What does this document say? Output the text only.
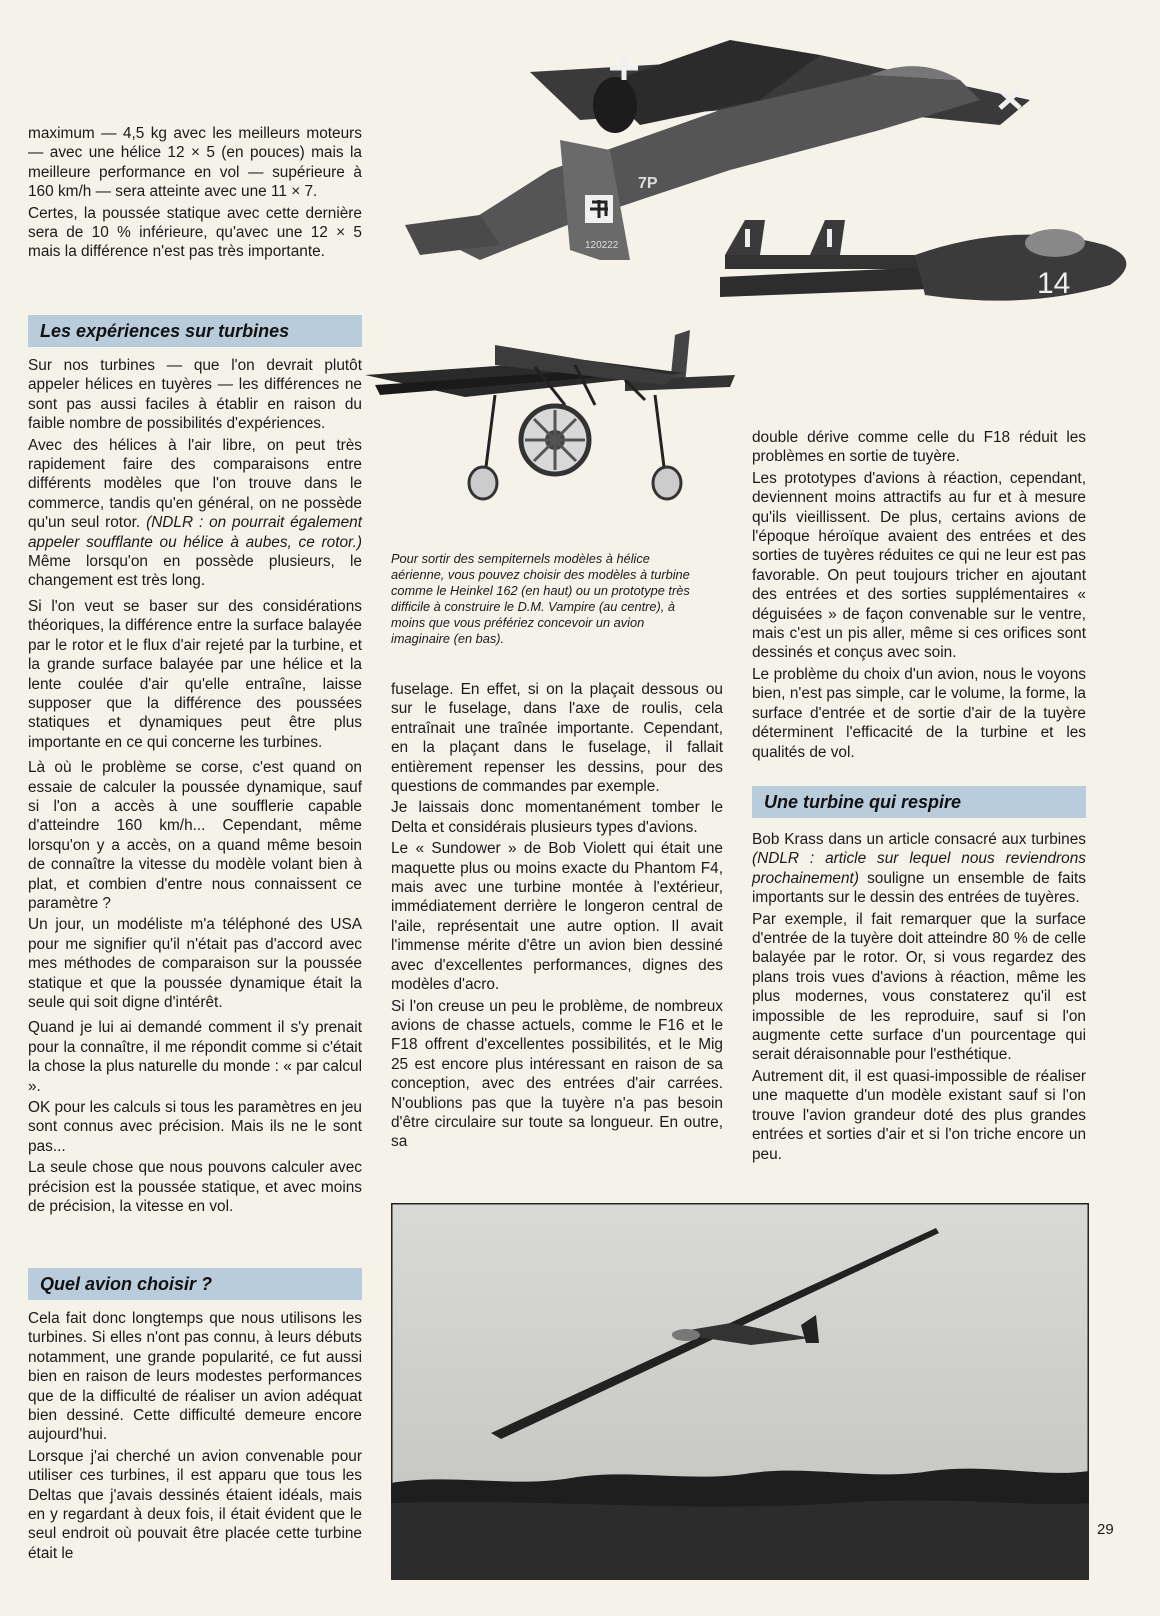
120222
7P
14

maximum — 4,5 kg avec les meilleurs moteurs — avec une hélice 12 × 5 (en pouces) mais la meilleure performance en vol — supérieure à 160 km/h — sera atteinte avec une 11 × 7.

Certes, la poussée statique avec cette dernière sera de 10 % inférieure, qu'avec une 12 × 5 mais la différence n'est pas très importante.

Les expériences sur turbines

Sur nos turbines — que l'on devrait plutôt appeler hélices en tuyères — les différences ne sont pas aussi faciles à établir en raison du faible nombre de possibilités d'expériences.

Avec des hélices à l'air libre, on peut très rapidement faire des comparaisons entre différents modèles que l'on trouve dans le commerce, tandis qu'en général, on ne possède qu'un seul rotor. (NDLR : on pourrait également appeler soufflante ou hélice à aubes, ce rotor.) Même lorsqu'on en possède plusieurs, le changement est très long.

Si l'on veut se baser sur des considérations théoriques, la différence entre la surface balayée par le rotor et le flux d'air rejeté par la turbine, et la grande surface balayée par une hélice et la lente coulée d'air qu'elle entraîne, laisse supposer que la différence des poussées statiques et dynamiques peut être plus importante en ce qui concerne les turbines.

Là où le problème se corse, c'est quand on essaie de calculer la poussée dynamique, sauf si l'on a accès à une soufflerie capable d'atteindre 160 km/h... Cependant, même lorsqu'on y a accès, on a quand même besoin de connaître la vitesse du modèle volant bien à plat, et combien d'entre nous connaissent ce paramètre ?

Un jour, un modéliste m'a téléphoné des USA pour me signifier qu'il n'était pas d'accord avec mes méthodes de comparaison sur la poussée statique et que la poussée dynamique était la seule qui soit digne d'intérêt.

Quand je lui ai demandé comment il s'y prenait pour la connaître, il me répondit comme si c'était la chose la plus naturelle du monde : « par calcul ».

OK pour les calculs si tous les paramètres en jeu sont connus avec précision. Mais ils ne le sont pas...

La seule chose que nous pouvons calculer avec précision est la poussée statique, et avec moins de précision, la vitesse en vol.

Quel avion choisir ?

Cela fait donc longtemps que nous utilisons les turbines. Si elles n'ont pas connu, à leurs débuts notamment, une grande popularité, ce fut aussi bien en raison de leurs modestes performances que de la difficulté de réaliser un avion adéquat bien dessiné. Cette difficulté demeure encore aujourd'hui.

Lorsque j'ai cherché un avion convenable pour utiliser ces turbines, il est apparu que tous les Deltas que j'avais dessinés étaient idéals, mais en y regardant à deux fois, il était évident que le seul endroit où pouvait être placée cette turbine était le

Pour sortir des sempiternels modèles à hélice aérienne, vous pouvez choisir des modèles à turbine comme le Heinkel 162 (en haut) ou un prototype très difficile à construire le D.M. Vampire (au centre), à moins que vous préfériez concevoir un avion imaginaire (en bas).

fuselage. En effet, si on la plaçait dessous ou sur le fuselage, dans l'axe de roulis, cela entraînait une traînée importante. Cependant, en la plaçant dans le fuselage, il fallait entièrement repenser les dessins, pour des questions de commandes par exemple.

Je laissais donc momentanément tomber le Delta et considérais plusieurs types d'avions.

Le « Sundower » de Bob Violett qui était une maquette plus ou moins exacte du Phantom F4, mais avec une turbine montée à l'extérieur, immédiatement derrière le longeron central de l'aile, représentait une autre option. Il avait l'immense mérite d'être un avion bien dessiné avec d'excellentes performances, dignes des modèles d'acro.

Si l'on creuse un peu le problème, de nombreux avions de chasse actuels, comme le F16 et le F18 offrent d'excellentes possibilités, et le Mig 25 est encore plus intéressant en raison de sa conception, avec des entrées d'air carrées. N'oublions pas que la tuyère n'a pas besoin d'être circulaire sur toute sa longueur. En outre, sa

double dérive comme celle du F18 réduit les problèmes en sortie de tuyère.

Les prototypes d'avions à réaction, cependant, deviennent moins attractifs au fur et à mesure qu'ils vieillissent. De plus, certains avions de l'époque héroïque avaient des entrées et des sorties de tuyères réduites ce qui ne leur est pas favorable. On peut toujours tricher en ajoutant des entrées et des sorties supplémentaires « déguisées » de façon convenable sur le ventre, mais c'est un pis aller, même si ces orifices sont dessinés et conçus avec soin.

Le problème du choix d'un avion, nous le voyons bien, n'est pas simple, car le volume, la forme, la surface d'entrée et de sortie d'air de la tuyère déterminent l'efficacité de la turbine et les qualités de vol.

Une turbine qui respire

Bob Krass dans un article consacré aux turbines (NDLR : article sur lequel nous reviendrons prochainement) souligne un ensemble de faits importants sur le dessin des entrées de tuyères.

Par exemple, il fait remarquer que la surface d'entrée de la tuyère doit atteindre 80 % de celle balayée par le rotor. Or, si vous regardez des plans trois vues d'avions à réaction, même les plus modernes, vous constaterez qu'il est impossible de les reproduire, sauf si l'on augmente cette surface d'un pourcentage qui serait déraisonnable pour l'esthétique.

Autrement dit, il est quasi-impossible de réaliser une maquette d'un modèle existant sauf si l'on trouve l'avion grandeur doté des plus grandes entrées et sorties d'air et si l'on triche encore un peu.

29
